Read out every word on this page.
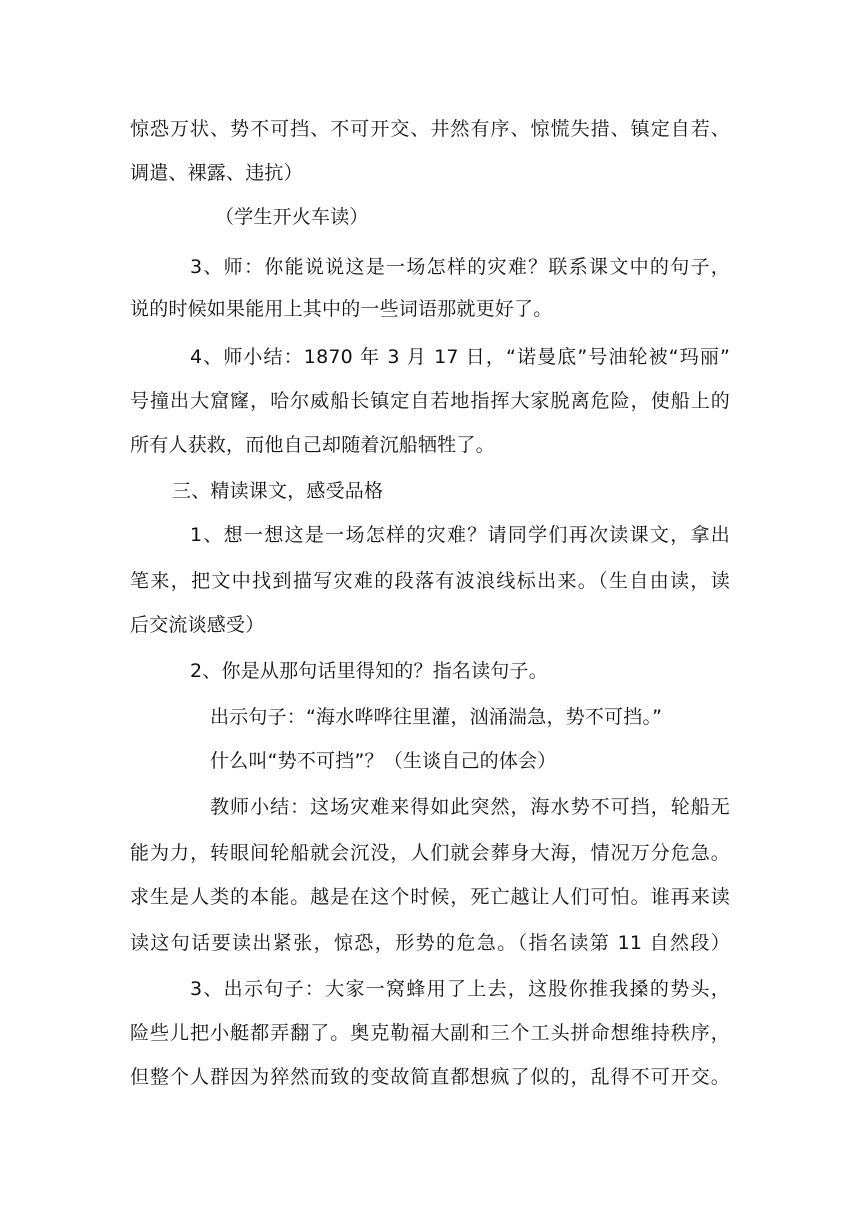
惊恐万状、势不可挡、不可开交、井然有序、惊慌失措、镇定自若、
调遣、裸露、违抗）
（学生开火车读）
3、师：你能说说这是一场怎样的灾难？联系课文中的句子，
说的时候如果能用上其中的一些词语那就更好了。
4、师小结：1870 年 3 月 17 日，“诺曼底”号油轮被“玛丽”
号撞出大窟窿，哈尔威船长镇定自若地指挥大家脱离危险，使船上的
所有人获救，而他自己却随着沉船牺牲了。
三、精读课文，感受品格
1、想一想这是一场怎样的灾难？请同学们再次读课文，拿出
笔来，把文中找到描写灾难的段落有波浪线标出来。（生自由读，读
后交流谈感受）
2、你是从那句话里得知的？指名读句子。
出示句子：“海水哗哗往里灌，汹涌湍急，势不可挡。”
什么叫“势不可挡”？（生谈自己的体会）
教师小结：这场灾难来得如此突然，海水势不可挡，轮船无
能为力，转眼间轮船就会沉没，人们就会葬身大海，情况万分危急。
求生是人类的本能。越是在这个时候，死亡越让人们可怕。谁再来读
读这句话要读出紧张，惊恐，形势的危急。（指名读第 11 自然段）
3、出示句子：大家一窝蜂用了上去，这股你推我搡的势头，
险些儿把小艇都弄翻了。奥克勒福大副和三个工头拼命想维持秩序，
但整个人群因为猝然而致的变故简直都想疯了似的，乱得不可开交。
